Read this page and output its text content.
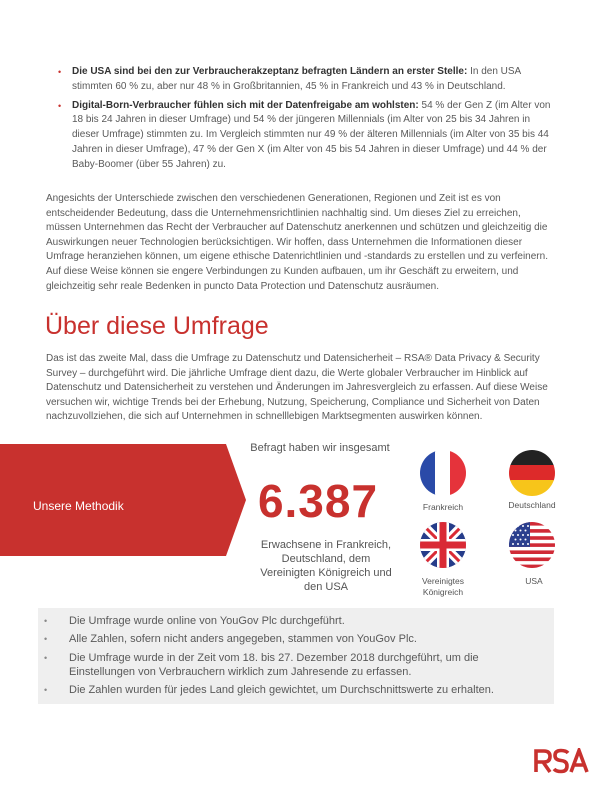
• Die USA sind bei den zur Verbraucherakzeptanz befragten Ländern an erster Stelle: In den USA stimmten 60 % zu, aber nur 48 % in Großbritannien, 45 % in Frankreich und 43 % in Deutschland.
• Digital-Born-Verbraucher fühlen sich mit der Datenfreigabe am wohlsten: 54 % der Gen Z (im Alter von 18 bis 24 Jahren in dieser Umfrage) und 54 % der jüngeren Millennials (im Alter von 25 bis 34 Jahren in dieser Umfrage) stimmten zu. Im Vergleich stimmten nur 49 % der älteren Millennials (im Alter von 35 bis 44 Jahren in dieser Umfrage), 47 % der Gen X (im Alter von 45 bis 54 Jahren in dieser Umfrage) und 44 % der Baby-Boomer (über 55 Jahren) zu.
Angesichts der Unterschiede zwischen den verschiedenen Generationen, Regionen und Zeit ist es von entscheidender Bedeutung, dass die Unternehmensrichtlinien nachhaltig sind. Um dieses Ziel zu erreichen, müssen Unternehmen das Recht der Verbraucher auf Datenschutz anerkennen und schützen und gleichzeitig die Auswirkungen neuer Technologien berücksichtigen. Wir hoffen, dass Unternehmen die Informationen dieser Umfrage heranziehen können, um eigene ethische Datenrichtlinien und -standards zu erstellen und zu verfeinern. Auf diese Weise können sie engere Verbindungen zu Kunden aufbauen, um ihr Geschäft zu erweitern, und gleichzeitig sehr reale Bedenken in puncto Data Protection und Datenschutz ausräumen.
Über diese Umfrage
Das ist das zweite Mal, dass die Umfrage zu Datenschutz und Datensicherheit – RSA® Data Privacy & Security Survey – durchgeführt wird. Die jährliche Umfrage dient dazu, die Werte globaler Verbraucher im Hinblick auf Datenschutz und Datensicherheit zu verstehen und Änderungen im Jahresvergleich zu erfassen. Auf diese Weise versuchen wir, wichtige Trends bei der Erhebung, Nutzung, Speicherung, Compliance und Sicherheit von Daten nachzuvollziehen, die sich auf Unternehmen in schnelllebigen Marktsegmenten auswirken können.
Unsere Methodik
Befragt haben wir insgesamt
6.387
Erwachsene in Frankreich, Deutschland, dem Vereinigten Königreich und den USA
Frankreich	Deutschland
Vereinigtes Königreich
USA
• Die Umfrage wurde online von YouGov Plc durchgeführt.
• Alle Zahlen, sofern nicht anders angegeben, stammen von YouGov Plc.
• Die Umfrage wurde in der Zeit vom 18. bis 27. Dezember 2018 durchgeführt, um die Einstellungen von Verbrauchern wirklich zum Jahresende zu erfassen.
• Die Zahlen wurden für jedes Land gleich gewichtet, um Durchschnittswerte zu erhalten.
